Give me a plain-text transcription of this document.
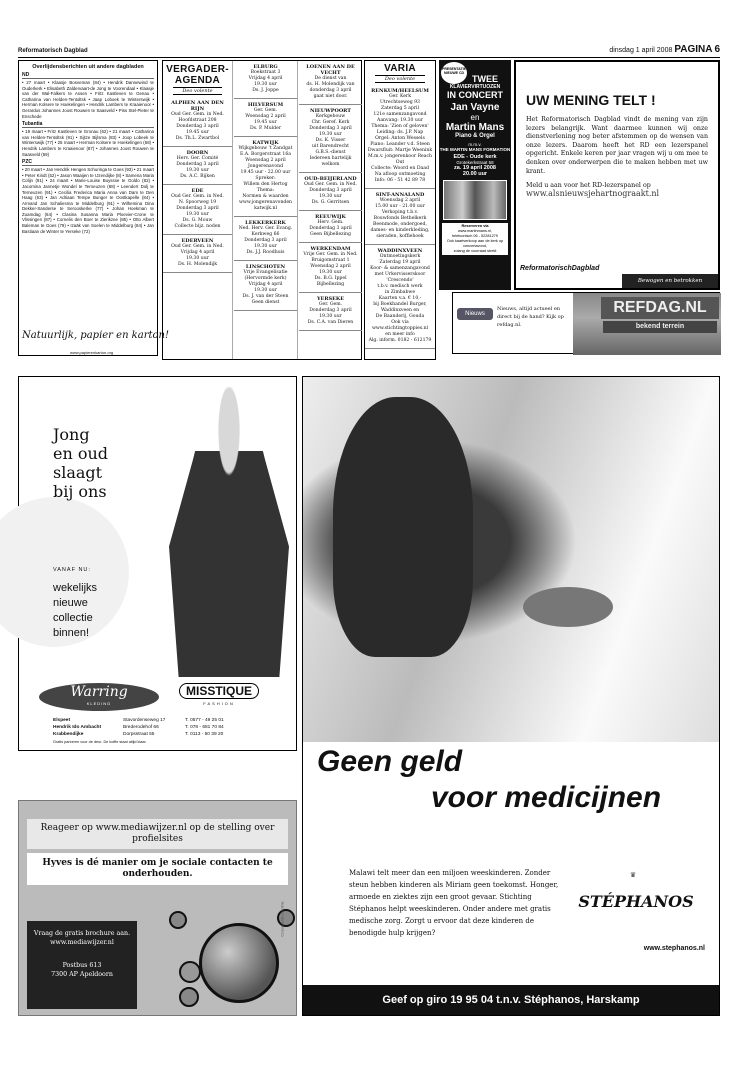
Reformatorisch Dagblad	dinsdag 1 april 2008 PAGINA 6
Overlijdensberichten uit andere dagbladen
ND
• 27 maart • Klaasje Bosveman (84) • Hendrik Dannewind te Ouderkerk • Elisabeth Zaldervaart-de Jong te Voorendaal • Klaasje van der Wal-Falkers te Assen • Fritz Kastleven te Genau • Catharina van Helden-Tentoltsk • Jaap Loboek te Winterswijk • Herman Kolsere te Hoekelingen • Hendrik Lambers te Kraaienoor • Gerardus Johannes Joost Rouwen te Saasveld • Piss Stel-Pieter te Enschede
Tubantia
• 19 maart • Fritz Kastleven te Gronau (62) • 21 maart • Catharina van Helden-Tentoltsk (91) • Sijtze Bijlsma (83) • Joop Lobeek te Winterswijk (77) • 25 maart • Herman Kolsere te Hoekelingen (68) • Hendrik Lambers te Kraaienoor (87) • Johannes Joost Rouwen te Saasveld (59)
PZC
• 20 maart • Jan Hendrik Hengen Schuringa te Goes (93) • 21 maart • Peter Kindt (52) • Jason Waaijen te IJzendijke (8) • Samena Maria Colijn (91) • 24 maart • Marie-Louise Buyssse te Goldo (82) • Jacomina Jannetje Wondel te Terneuzen (88) • Leendert Dolj te Terneuzen (91) • Cecilia Frederica Maria Anna van Dam te Den Haag (53) • Jan Adriaan Tempe Bunger te Oostkapelle (84) • Armand Jan Schaliesma te Middelburg (91) • Wilhemina Dina Dekker-Sanderse te Serooskerke (77) • Johan Hoekman te Zuamdag (64) • Clasina Susanna Maria Ploevier-Crone te Vlissingen (87) • Cornelis den Boer te Zierikzee (85) • Otto Albert Baleman te Goes (79) • Izaäk van Soelen te Middelburg (84) • Jan Bastiaan de Winter te Yerseke (72)
Natuurlijk, papier en karton!
www.papierenkarton.org
VERGADER-AGENDA
Deo volente
ALPHEN AAN DEN RIJN
Oud Ger. Gem. in Ned.
Hoofdstraat 208
Donderdag 3 april
19.45 uur
Ds. Th.L. Zwartbol
DOORN
Herv. Ger. Comité
Donderdag 3 april
19.30 uur
Ds. A.C. Bijken
EDE
Oud Ger. Gem. in Ned.
N. Spoorweg 19
Donderdag 3 april
19.30 uur
Ds. G. Mouw
Collecte bijz. noden
EDERVEEN
Oud Ger. Gem. in Ned.
Vrijdag 4 april
19.30 uur
Ds. H. Molendijk
ELBURG
Boekstraat 3
Vrijdag 4 april
19.30 uur
Ds. J. Joppe
HILVERSUM
Ger. Gem.
Woensdag 2 april
19.45 uur
Ds. P. Mulder
KATWIJK
Wijkgebouw 't Zandgat
E.A. Borgerstraat 16a
Woensdag 2 april
Jongerenavond
19.45 uur - 22.00 uur
Spreker:
Willem den Hertog
Thema:
Normen & waarden
www.jongerenavonden katwijk.nl
LEKKERKERK
Ned. Herv. Ger. Evang.
Kerkweg 66
Donderdag 3 april
19.30 uur
Ds. J.J. Roodhuis
LINSCHOTEN
Vrije Evangelisatie
(Hervormde kerk)
Vrijdag 4 april
19.30 uur
Ds. J. van der Steen
Geen dienst
LOENEN AAN DE VECHT
De dienst van
ds. H. Molendijk van
donderdag 3 april
gaat niet door.
NIEUWPOORT
Kerkgebouw
Chr. Geref. Kerk
Donderdag 3 april
19.30 uur
Ds. K. Visser
uit Barendrecht
G.B.S.-dienst
Iedereen hartelijk welkom
OUD-BEIJERLAND
Oud Ger. Gem. in Ned.
Donderdag 3 april
19.30 uur
Ds. G. Gerritsen
REEUWIJK
Herv. Gem.
Donderdag 3 april
Geen Bijbellezing
WERKENDAM
Vrije Ger. Gem. in Ned.
Bruigomstraat 1
Woensdag 2 april
19.30 uur
Ds. B.G. Ippel
Bijbellezing
YERSEKE
Ger. Gem.
Donderdag 3 april
19.30 uur
Ds. C.A. van Dieren
VARIA
Deo volente
RENKUM/HEELSUM
Ger. Kerk
Utrechtseweg 93
Zaterdag 5 april
121e samenzangavond
Aanvang: 19.30 uur
Thema: 'Zien of geloven'
Leiding: ds. J.P. Nap
Orgel: Anton Wessels
Piano: Leander v.d. Steen
Dwarsfluit: Martje Weenink
M.m.v. jongerenkoor Reach Out
Collecte: Woord en Daad
Na afloop ontmoeting
Info: 06 - 51 42 89 78
SINT-ANNALAND
Woensdag 2 april
15.00 uur - 21.00 uur
Verkoping t.b.v.
Bouwfonds Bethelkerk
Beenmode, ondergoed,
dames- en kinderkleding,
sieraden, koffiehoek
WADDINXVEEN
Ontmoetingskerk
Zaterdag 19 april
Koor- & samenzangavond
met Urkervisserskoor
'Crescendo'
t.b.v. medisch werk
in Zimbabwe
Kaarten v.a. € 10,-
bij Boekhandel Burger,
Waddinxveen en
De Baanderij, Gouda
Ook via
www.stichtingtoppies.nl
en meer info
Alg. inform. 0182 - 612179
PRESENTATIE NIEUWE CD
TWEE
KLAVIERVIRTUOZEN
IN CONCERT
Jan Vayne
en
Martin Mans
Piano & Orgel
m.m.v.
THE MARTIN MANS FORMATION
EDE - Oude kerk
Grotekerkstraat 58
za. 19 april 2008
20.00 uur
Reserveren via
www.martinmans.nl,
telefoonisch 06 - 52281279
Ook kaartverkoop aan de kerk op concertavond,
zolang de voorraad strekt
UW MENING TELT !
Het Reformatorisch Dagblad vindt de mening van zijn lezers belangrijk. Want daarmee kunnen wij onze dienstverlening nog beter afstemmen op de wensen van onze lezers. Daarom heeft het RD een lezerspanel opgericht. Enkele keren per jaar vragen wij u om mee te denken over onderwerpen die te maken hebben met uw krant.
Meld u aan voor het RD-lezerspanel op
www.alsnieuwsjehartnograakt.nl
ReformatorischDagblad
Bewogen en betrokken
Nieuws
Nieuws, altijd actueel en direct bij de hand? Kijk op refdag.nl.
REFDAG.NL
bekend terrein
Jong
en oud
slaagt
bij ons
VANAF NU:
wekelijks
nieuwe
collectie
binnen!
Warring
KLEDING
MISSTIQUE
FASHION
Elspeet	Stavordenseweg 17	T. 0577 - 49 25 01
Hendrik Ido Ambacht	Brederodehof 66	T. 078 - 681 70 84
Krabbendijke	Dorpsstraat 55	T. 0113 - 50 39 20
Gratis parkeren voor de deur. De koffie staat altijd klaar.
Reageer op www.mediawijzer.nl op de stelling over profielsites
Hyves is dé manier om je sociale contacten te onderhouden.
Vraag de gratis brochure aan.
www.mediawijzer.nl
Postbus 613
7300 AP Apeldoorn
Geen geld
voor medicijnen
Malawi telt meer dan een miljoen weeskinderen. Zonder steun hebben kinderen als Miriam geen toekomst. Honger, armoede en ziektes zijn een groot gevaar. Stichting Stéphanos helpt weeskinderen. Onder andere met gratis medische zorg. Zorgt u ervoor dat deze kinderen de benodigde hulp krijgen?
STÉPHANOS
♛
www.stephanos.nl
Geef op giro 19 95 04 t.n.v. Stéphanos, Harskamp
Corporate/de.elvestine
